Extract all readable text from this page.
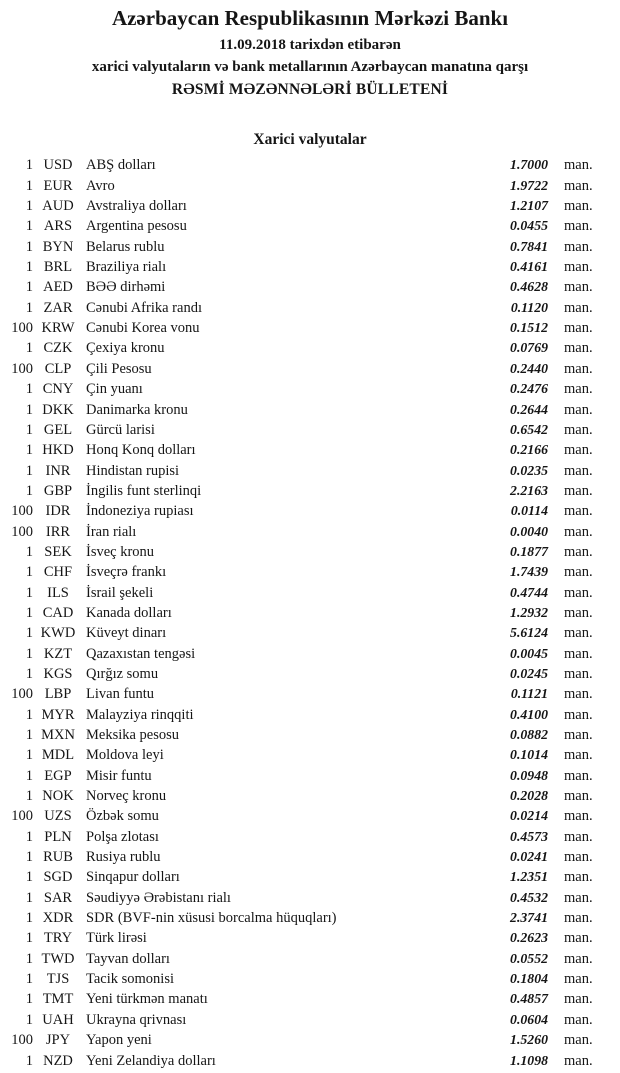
Azərbaycan Respublikasının Mərkəzi Bankı
11.09.2018 tarixdən etibarən
xarici valyutaların və bank metallarının Azərbaycan manatına qarşı
RƏSMİ MƏZƏNNƏLƏRİ BÜLLETENİ
Xarici valyutalar
1 USD ABŞ dolları	1.7000 man.
1 EUR Avro	1.9722 man.
1 AUD Avstraliya dolları	1.2107 man.
1 ARS Argentina pesosu	0.0455 man.
1 BYN Belarus rublu	0.7841 man.
1 BRL Braziliya rialı	0.4161 man.
1 AED BƏƏ dirhəmi	0.4628 man.
1 ZAR Cənubi Afrika randı	0.1120 man.
100 KRW Cənubi Korea vonu	0.1512 man.
1 CZK Çexiya kronu	0.0769 man.
100 CLP	Çili Pesosu	0.2440 man.
1 CNY Çin yuanı	0.2476 man.
1 DKK Danimarka kronu	0.2644 man.
1 GEL Gürcü larisi	0.6542 man.
1 HKD Honq Konq dolları	0.2166 man.
1 INR	Hindistan rupisi	0.0235 man.
1 GBP İngilis funt sterlinqi	2.2163 man.
100 IDR	İndoneziya rupiası	0.0114 man.
100 IRR	İran rialı	0.0040 man.
1 SEK İsveç kronu	0.1877 man.
1 CHF İsveçrə frankı	1.7439 man.
1 ILS	İsrail şekeli	0.4744 man.
1 CAD Kanada dolları	1.2932 man.
1 KWD Küveyt dinarı	5.6124 man.
1 KZT Qazaxıstan tengəsi	0.0045 man.
1 KGS Qırğız somu	0.0245 man.
100 LBP	Livan funtu	0.1121 man.
1 MYR Malayziya rinqqiti	0.4100 man.
1 MXN Meksika pesosu	0.0882 man.
1 MDL Moldova leyi	0.1014 man.
1 EGP Misir funtu	0.0948 man.
1 NOK Norveç kronu	0.2028 man.
100 UZS Özbək somu	0.0214 man.
1 PLN Polşa zlotası	0.4573 man.
1 RUB Rusiya rublu	0.0241 man.
1 SGD Sinqapur dolları	1.2351 man.
1 SAR Səudiyyə Ərəbistanı rialı	0.4532 man.
1 XDR SDR (BVF-nin xüsusi borcalma hüquqları)	2.3741 man.
1 TRY Türk lirəsi	0.2623 man.
1 TWD Tayvan dolları	0.0552 man.
1 TJS	Tacik somonisi	0.1804 man.
1 TMT Yeni türkmən manatı	0.4857 man.
1 UAH Ukrayna qrivnası	0.0604 man.
100 JPY	Yapon yeni	1.5260 man.
1 NZD Yeni Zelandiya dolları	1.1098 man.
